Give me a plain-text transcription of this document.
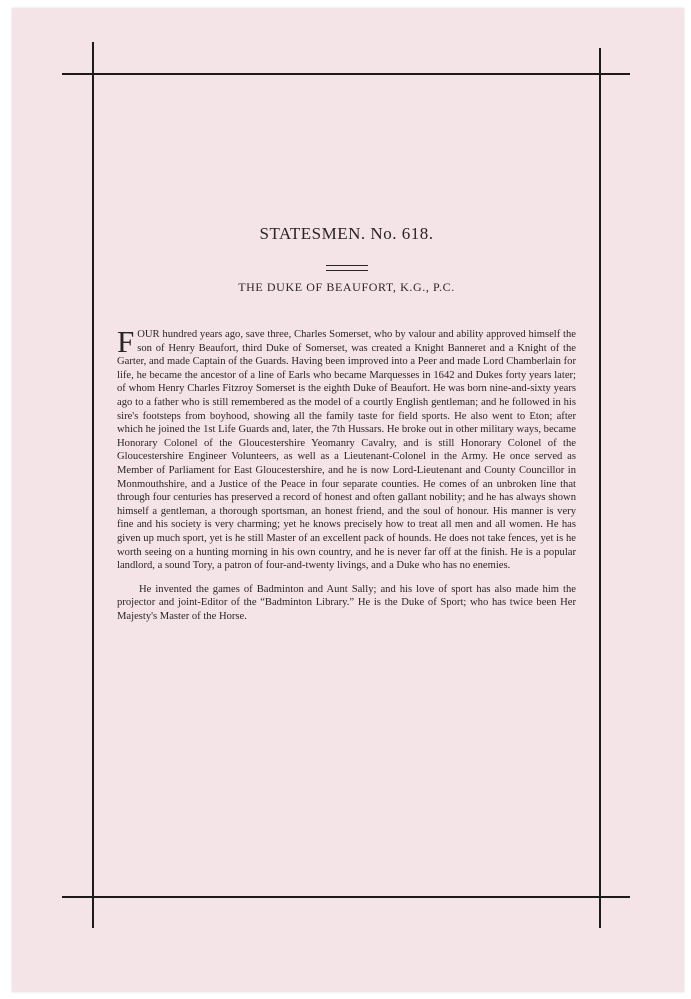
STATESMEN. No. 618.
THE DUKE OF BEAUFORT, K.G., P.C.

FOUR hundred years ago, save three, Charles Somerset, who by valour and ability approved himself the son of Henry Beaufort, third Duke of Somerset, was created a Knight Banneret and a Knight of the Garter, and made Captain of the Guards. Having been improved into a Peer and made Lord Chamberlain for life, he became the ancestor of a line of Earls who became Marquesses in 1642 and Dukes forty years later; of whom Henry Charles Fitzroy Somerset is the eighth Duke of Beaufort. He was born nine-and-sixty years ago to a father who is still remembered as the model of a courtly English gentleman; and he followed in his sire's footsteps from boyhood, showing all the family taste for field sports. He also went to Eton; after which he joined the 1st Life Guards and, later, the 7th Hussars. He broke out in other military ways, became Honorary Colonel of the Gloucestershire Yeomanry Cavalry, and is still Honorary Colonel of the Gloucestershire Engineer Volunteers, as well as a Lieutenant-Colonel in the Army. He once served as Member of Parliament for East Gloucestershire, and he is now Lord-Lieutenant and County Councillor in Monmouthshire, and a Justice of the Peace in four separate counties. He comes of an unbroken line that through four centuries has preserved a record of honest and often gallant nobility; and he has always shown himself a gentleman, a thorough sportsman, an honest friend, and the soul of honour. His manner is very fine and his society is very charming; yet he knows precisely how to treat all men and all women. He has given up much sport, yet is he still Master of an excellent pack of hounds. He does not take fences, yet is he worth seeing on a hunting morning in his own country, and he is never far off at the finish. He is a popular landlord, a sound Tory, a patron of four-and-twenty livings, and a Duke who has no enemies.

He invented the games of Badminton and Aunt Sally; and his love of sport has also made him the projector and joint-Editor of the “Badminton Library.” He is the Duke of Sport; who has twice been Her Majesty's Master of the Horse.
